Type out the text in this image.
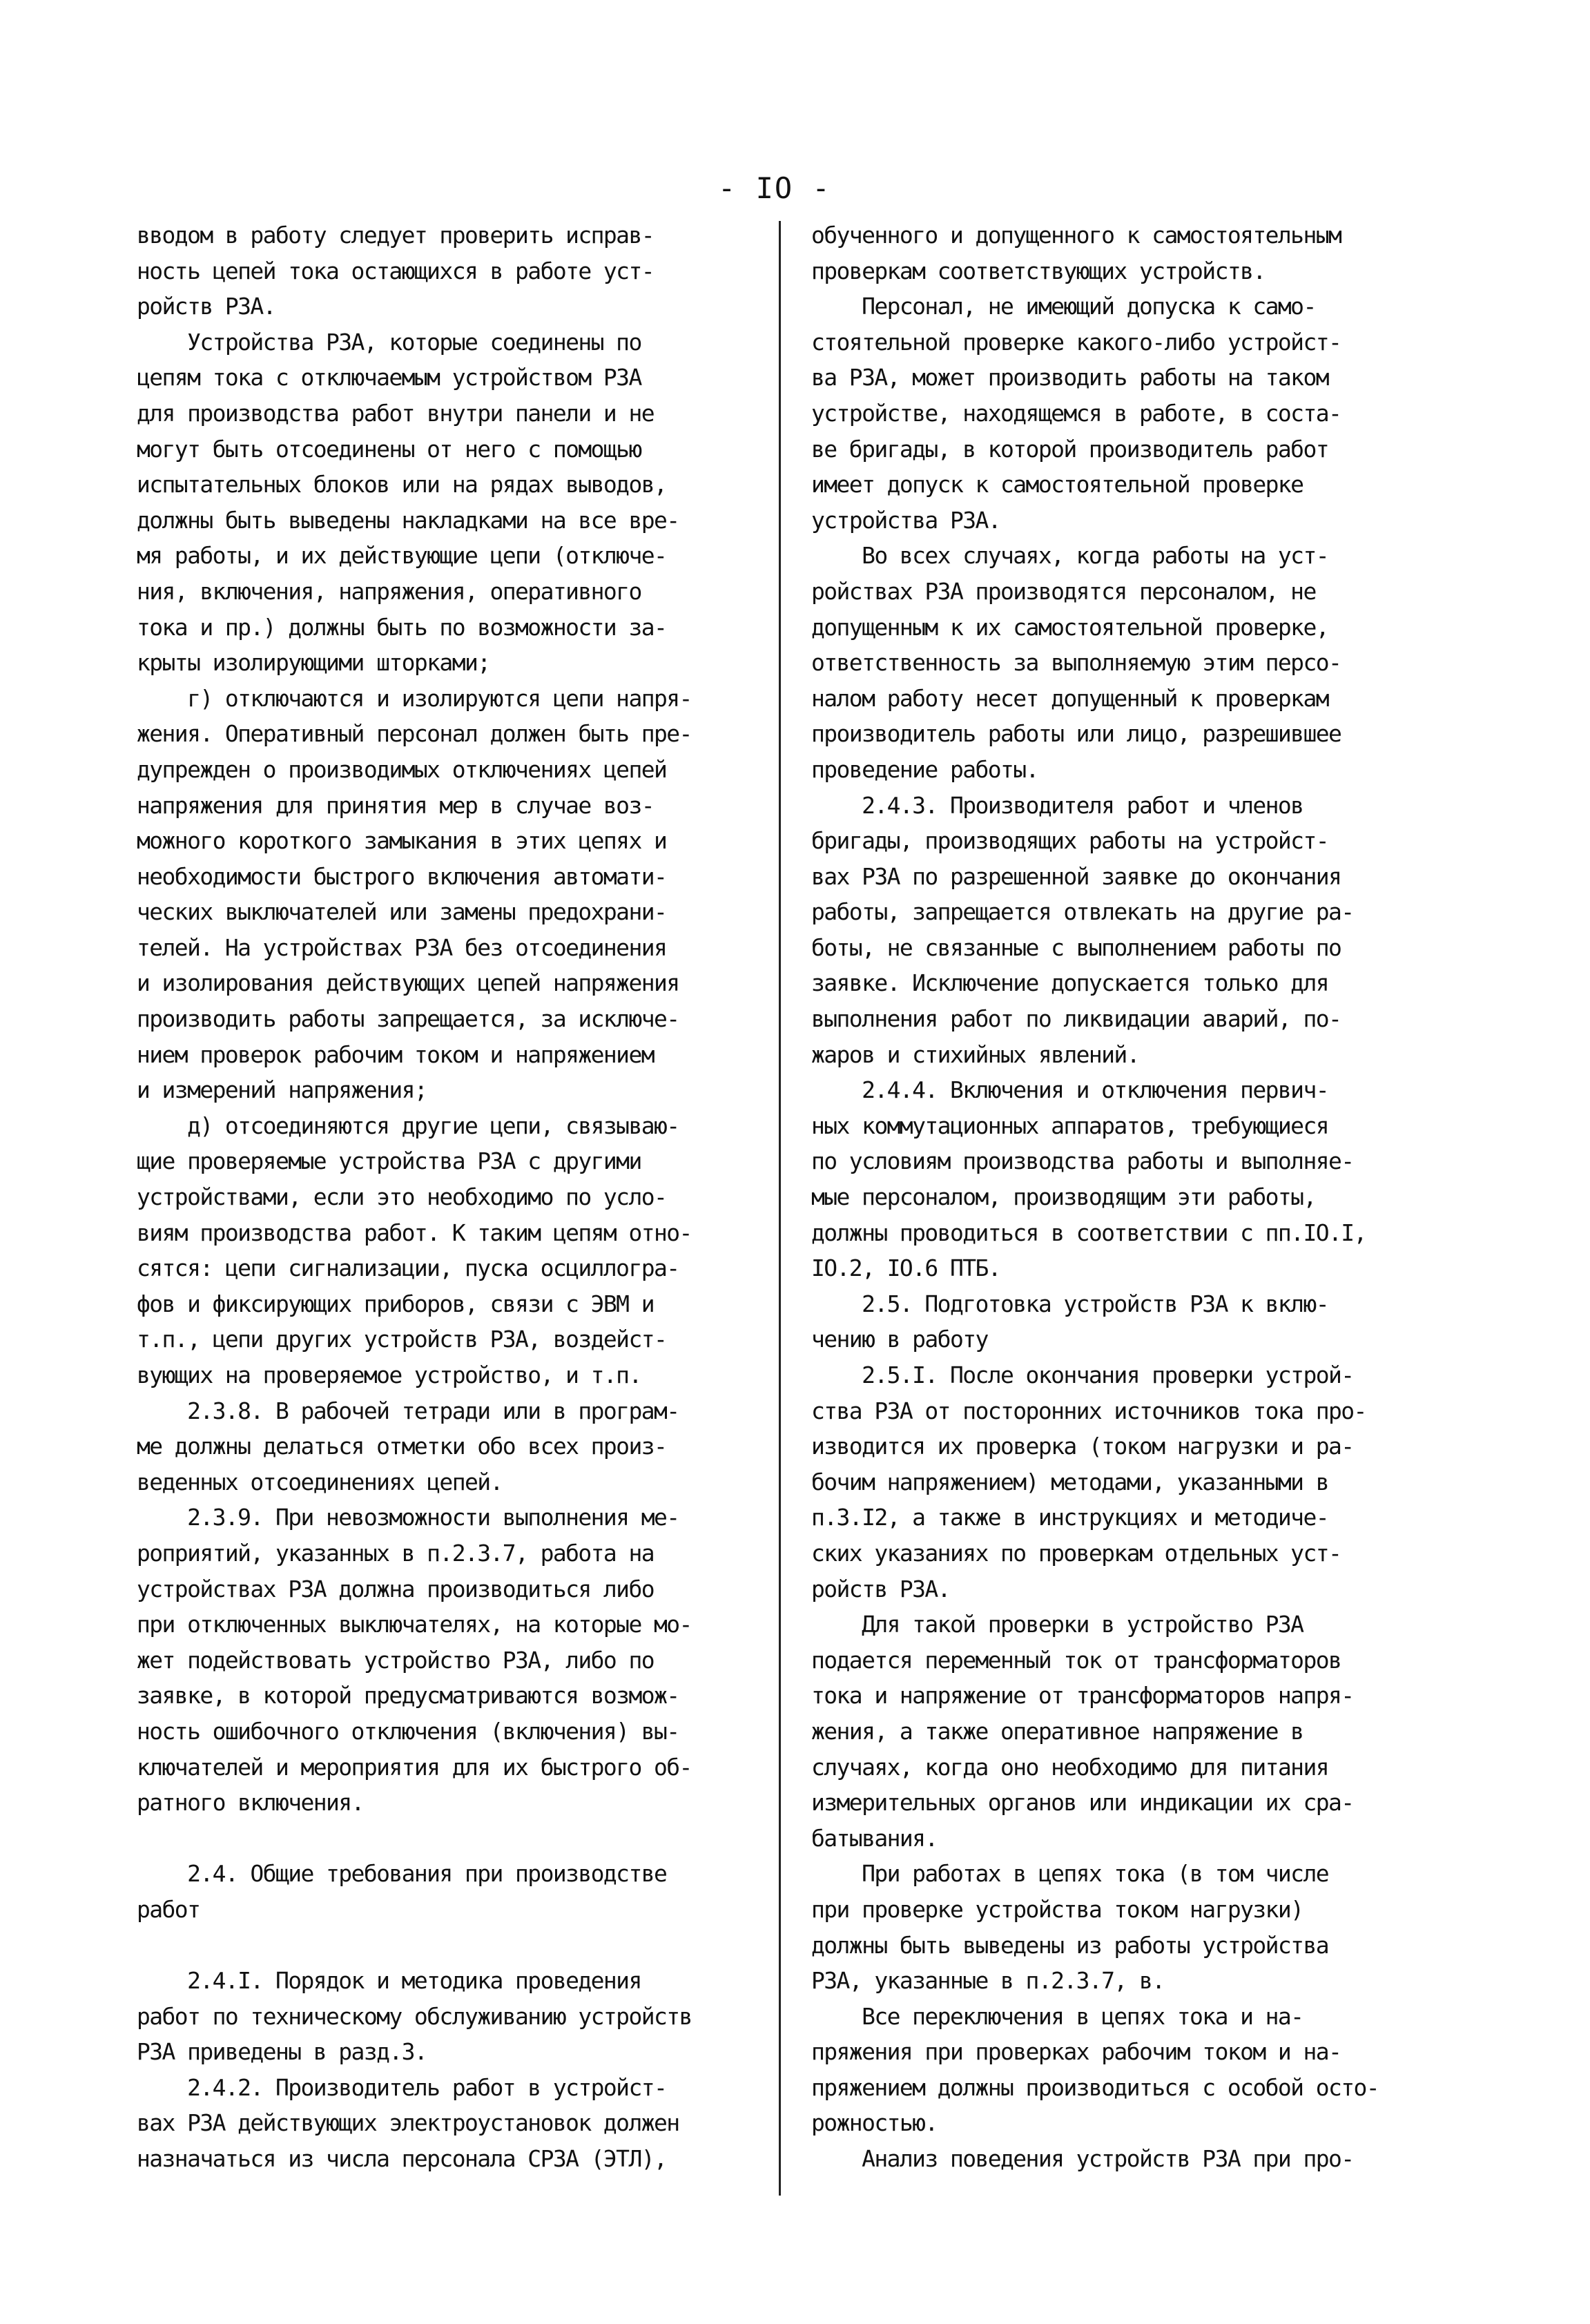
- IO -
вводом в работу следует проверить исправ-
ность цепей тока остающихся в работе уст-
ройств РЗА.
Устройства РЗА, которые соединены по
цепям тока с отключаемым устройством РЗА
для производства работ внутри панели и не
могут быть отсоединены от него с помощью
испытательных блоков или на рядах выводов,
должны быть выведены накладками на все вре-
мя работы, и их действующие цепи (отключе-
ния, включения, напряжения, оперативного
тока и пр.) должны быть по возможности за-
крыты изолирующими шторками;
г) отключаются и изолируются цепи напря-
жения. Оперативный персонал должен быть пре-
дупрежден о производимых отключениях цепей
напряжения для принятия мер в случае воз-
можного короткого замыкания в этих цепях и
необходимости быстрого включения автомати-
ческих выключателей или замены предохрани-
телей. На устройствах РЗА без отсоединения
и изолирования действующих цепей напряжения
производить работы запрещается, за исключе-
нием проверок рабочим током и напряжением
и измерений напряжения;
д) отсоединяются другие цепи, связываю-
щие проверяемые устройства РЗА с другими
устройствами, если это необходимо по усло-
виям производства работ. К таким цепям отно-
сятся: цепи сигнализации, пуска осциллогра-
фов и фиксирующих приборов, связи с ЭВМ и
т.п., цепи других устройств РЗА, воздейст-
вующих на проверяемое устройство, и т.п.
2.3.8. В рабочей тетради или в програм-
ме должны делаться отметки обо всех произ-
веденных отсоединениях цепей.
2.3.9. При невозможности выполнения ме-
роприятий, указанных в п.2.3.7, работа на
устройствах РЗА должна производиться либо
при отключенных выключателях, на которые мо-
жет подействовать устройство РЗА, либо по
заявке, в которой предусматриваются возмож-
ность ошибочного отключения (включения) вы-
ключателей и мероприятия для их быстрого об-
ратного включения.
2.4. Общие требования при производстве
работ
2.4.I. Порядок и методика проведения
работ по техническому обслуживанию устройств
РЗА приведены в разд.3.
2.4.2. Производитель работ в устройст-
вах РЗА действующих электроустановок должен
назначаться из числа персонала СРЗА (ЭТЛ),
обученного и допущенного к самостоятельным
проверкам соответствующих устройств.
Персонал, не имеющий допуска к само-
стоятельной проверке какого-либо устройст-
ва РЗА, может производить работы на таком
устройстве, находящемся в работе, в соста-
ве бригады, в которой производитель работ
имеет допуск к самостоятельной проверке
устройства РЗА.
Во всех случаях, когда работы на уст-
ройствах РЗА производятся персоналом, не
допущенным к их самостоятельной проверке,
ответственность за выполняемую этим персо-
налом работу несет допущенный к проверкам
производитель работы или лицо, разрешившее
проведение работы.
2.4.3. Производителя работ и членов
бригады, производящих работы на устройст-
вах РЗА по разрешенной заявке до окончания
работы, запрещается отвлекать на другие ра-
боты, не связанные с выполнением работы по
заявке. Исключение допускается только для
выполнения работ по ликвидации аварий, по-
жаров и стихийных явлений.
2.4.4. Включения и отключения первич-
ных коммутационных аппаратов, требующиеся
по условиям производства работы и выполняе-
мые персоналом, производящим эти работы,
должны проводиться в соответствии с пп.IO.I,
IO.2, IO.6 ПТБ.
2.5. Подготовка устройств РЗА к вклю-
чению в работу
2.5.I. После окончания проверки устрой-
ства РЗА от посторонних источников тока про-
изводится их проверка (током нагрузки и ра-
бочим напряжением) методами, указанными в
п.3.I2, а также в инструкциях и методиче-
ских указаниях по проверкам отдельных уст-
ройств РЗА.
Для такой проверки в устройство РЗА
подается переменный ток от трансформаторов
тока и напряжение от трансформаторов напря-
жения, а также оперативное напряжение в
случаях, когда оно необходимо для питания
измерительных органов или индикации их сра-
батывания.
При работах в цепях тока (в том числе
при проверке устройства током нагрузки)
должны быть выведены из работы устройства
РЗА, указанные в п.2.3.7, в.
Все переключения в цепях тока и на-
пряжения при проверках рабочим током и на-
пряжением должны производиться с особой осто-
рожностью.
Анализ поведения устройств РЗА при про-
